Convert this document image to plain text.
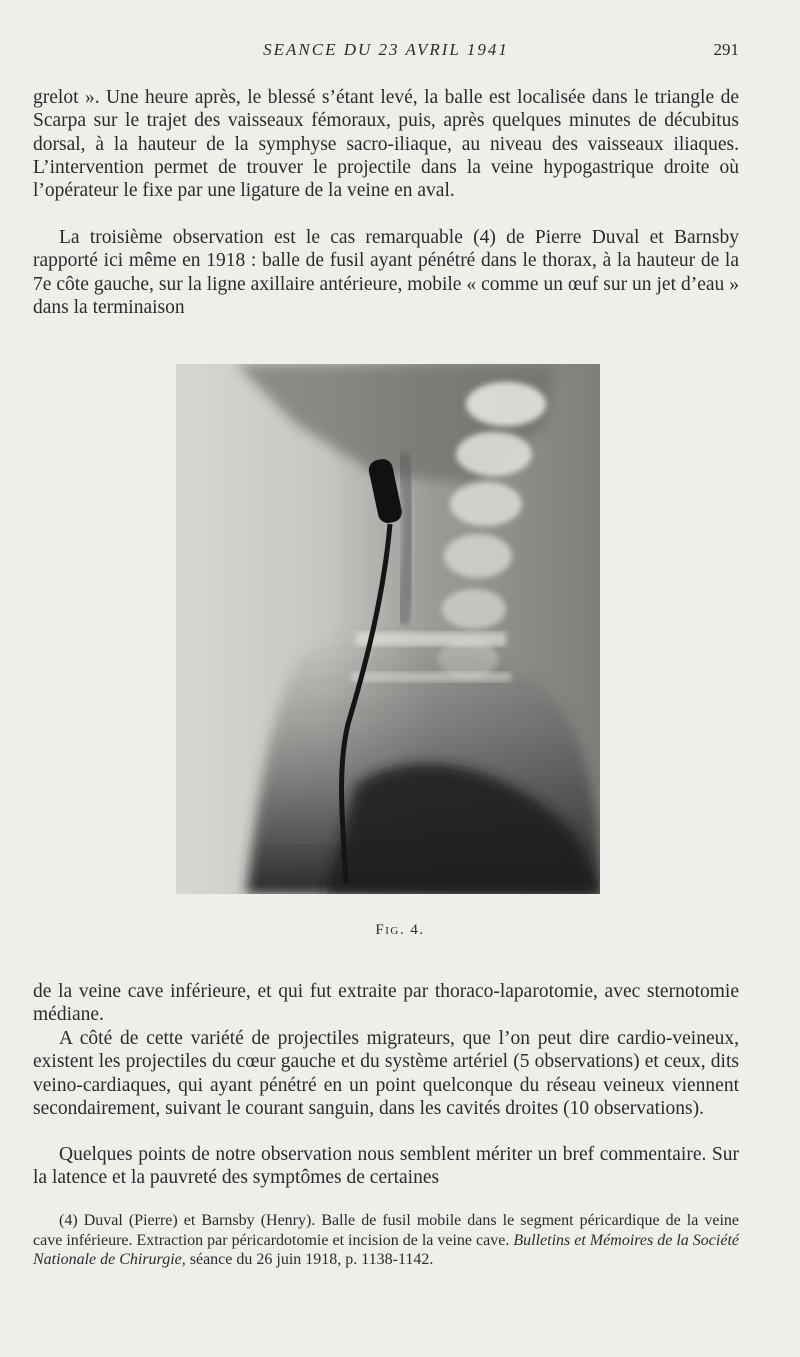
SEANCE DU 23 AVRIL 1941	291

grelot ». Une heure après, le blessé s’étant levé, la balle est localisée dans le triangle de Scarpa sur le trajet des vaisseaux fémoraux, puis, après quelques minutes de décubitus dorsal, à la hauteur de la symphyse sacro-iliaque, au niveau des vaisseaux iliaques. L’intervention permet de trouver le projectile dans la veine hypogastrique droite où l’opérateur le fixe par une ligature de la veine en aval.

La troisième observation est le cas remarquable (4) de Pierre Duval et Barnsby rapporté ici même en 1918 : balle de fusil ayant pénétré dans le thorax, à la hauteur de la 7e côte gauche, sur la ligne axillaire antérieure, mobile « comme un œuf sur un jet d’eau » dans la terminaison

Fig. 4.

de la veine cave inférieure, et qui fut extraite par thoraco-laparotomie, avec sternotomie médiane.

A côté de cette variété de projectiles migrateurs, que l’on peut dire cardio-veineux, existent les projectiles du cœur gauche et du système artériel (5 observations) et ceux, dits veino-cardiaques, qui ayant pénétré en un point quelconque du réseau veineux viennent secondairement, suivant le courant sanguin, dans les cavités droites (10 observations).

Quelques points de notre observation nous semblent mériter un bref commentaire. Sur la latence et la pauvreté des symptômes de certaines

(4) Duval (Pierre) et Barnsby (Henry). Balle de fusil mobile dans le segment péricardique de la veine cave inférieure. Extraction par péricardotomie et incision de la veine cave. Bulletins et Mémoires de la Société Nationale de Chirurgie, séance du 26 juin 1918, p. 1138-1142.
